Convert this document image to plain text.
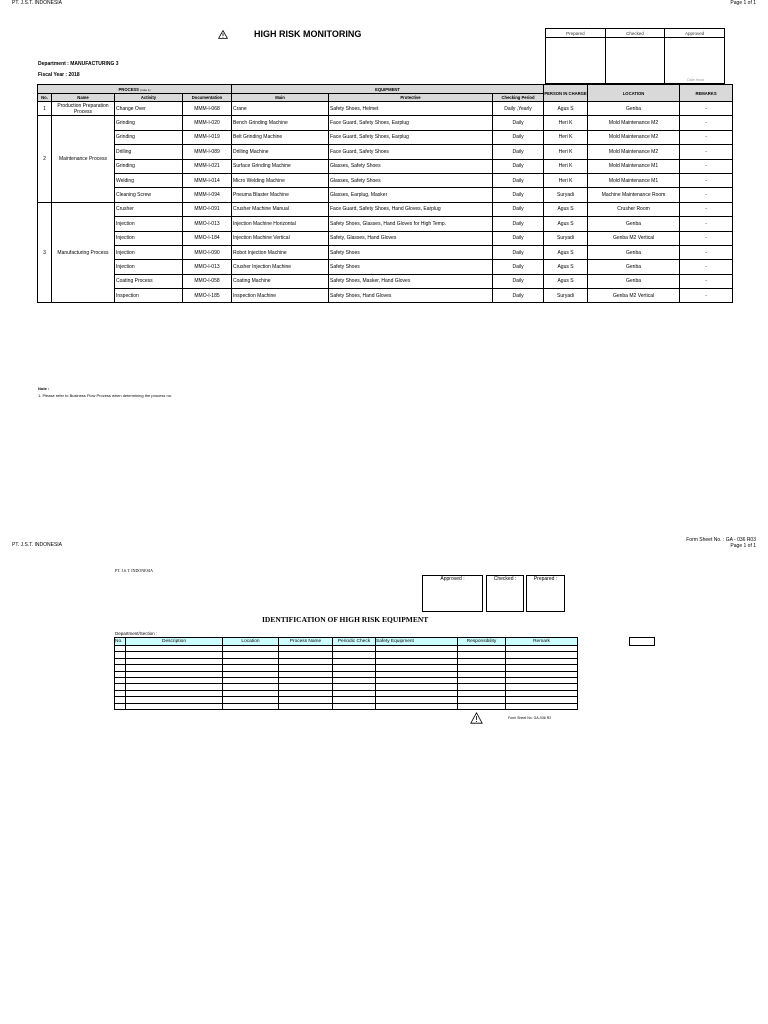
PT. J.S.T. INDONESIA	Page 1 of 1
HIGH RISK MONITORING	Prepared	Checked	Approved

		Date Head
Department : MANUFACTURING 3
Fiscal Year : 2018
PROCESS (note 1)				EQUIPMENT			PERSON IN CHARGE	LOCATION	REMARKS
No.	Name	Activity	Documentation	Main	Protective	Checking Period			
1	Production Preparation Process	Change Over	MMM-I-068	Crane	Safety Shoes, Helmet	Daily ,Yearly	Agus S	Genba	-
2	Maintenance Process	Grinding	MMM-I-020	Bench Grinding Machine	Face Guard, Safety Shoes, Earplug	Daily	Heri K	Mold Maintenance M2	-
		Grinding	MMM-I-019	Belt Grinding Machine	Face Guard, Safety Shoes, Earplug	Daily	Heri K	Mold Maintenance M2	-
		Drilling	MMM-I-089	Drilling Machine	Face Guard, Safety Shoes	Daily	Heri K	Mold Maintenance M2	-
		Grinding	MMM-I-021	Surface Grinding Machine	Glasses, Safety Shoes	Daily	Heri K	Mold Maintenance M1	-
		Welding	MMM-I-014	Micro Welding Machine	Glasses, Safety Shoes	Daily	Heri K	Mold Maintenance M1	-
		Cleaning Screw	MMM-I-094	Pneuma Blaster Machine	Glasses, Earplug, Masker	Daily	Suryadi	Machine Maintenance Room	-
3	Manufacturing Process	Crusher	MMO-I-091	Crusher Machine Manual	Face Guard, Safety Shoes, Hand Gloves, Earplug	Daily	Agus S	Crusher Room	-
		Injection	MMO-I-013	Injection Machine Horizontal	Safety Shoes, Glasses, Hand Gloves for High Temp.	Daily	Agus S	Genba	-
		Injection	MMO-I-184	Injection Machine Vertical	Safety, Glasses, Hand Gloves	Daily	Suryadi	Genba M2 Vertical	-
		Injection	MMO-I-090	Robot Injection Machine	Safety Shoes	Daily	Agus S	Genba	-
		Injection	MMO-I-013	Crusher Injection Machine	Safety Shoes	Daily	Agus S	Genba	-
		Coating Process	MMO-I-058	Coating Machine	Safety Shoes, Masker, Hand Gloves	Daily	Agus S	Genba	-
		Inspection	MMO-I-185	Inspection Machine	Safety Shoes, Hand Gloves	Daily	Suryadi	Genba M2 Vertical	-
Note :
1. Please refer to Business Flow Process when determining the process no.
PT. J.S.T. INDONESIA
Form Sheet No. : GA - 036 R03
Page 1 of 1
PT. J.S.T. INDONESIA
Approved :	Checked :	Prepared :
IDENTIFICATION OF HIGH RISK EQUIPMENT
Department/Section :
No.	Description	Location	Process Name	Periodic Check	Safety Equipment	Responsibility	Remark

Form Sheet No. GA-036 R2
